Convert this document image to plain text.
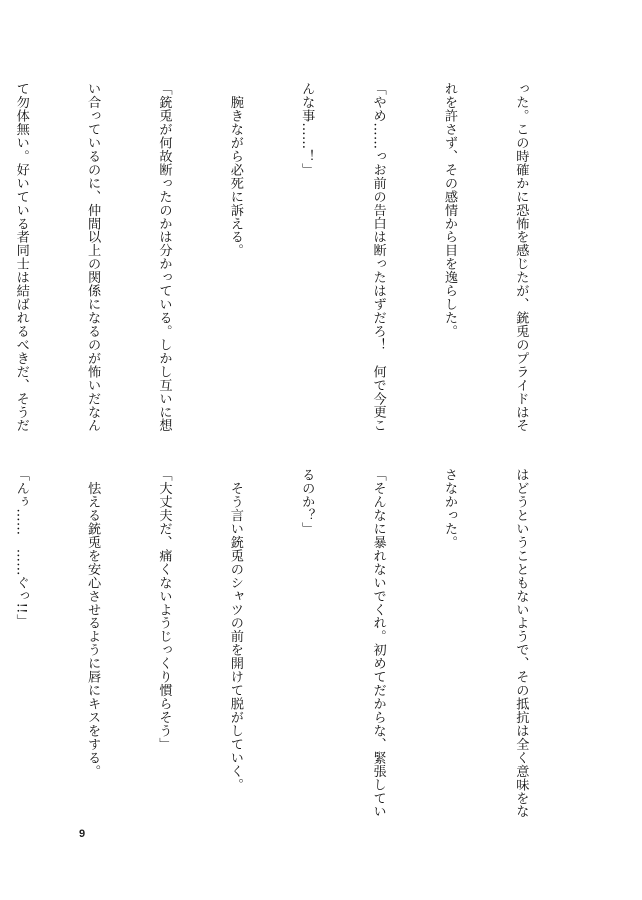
った。この時確かに恐怖を感じたが、銃兎のプライドはそ

れを許さず、その感情から目を逸らした。

「やめ……っお前の告白は断ったはずだろ！　何で今更こ

んな事……！」

　腕きながら必死に訴える。

「銃兎が何故断ったのかは分かっている。しかし互いに想

い合っているのに、仲間以上の関係になるのが怖いだなん

て勿体無い。好いている者同士は結ばれるべきだ、そうだ

はどうということもないようで、その抵抗は全く意味をな

さなかった。

「そんなに暴れないでくれ。初めてだからな、緊張してい

るのか？」

　そう言い銃兎のシャツの前を開けて脱がしていく。

「大丈夫だ、痛くないようじっくり慣らそう」

　怯える銃兎を安心させるように唇にキスをする。

「んぅ……　……ぐっ!!」

9
